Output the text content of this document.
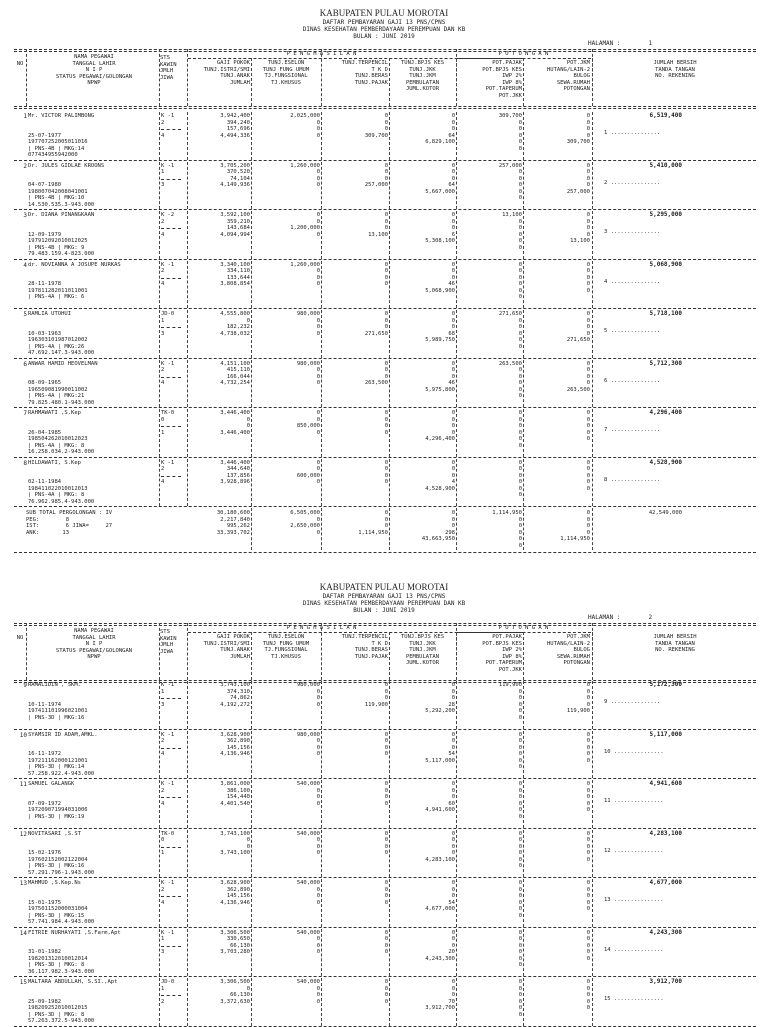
KABUPATEN PULAU MOROTAI
DAFTAR PEMBAYARAN GAJI 13 PNS/CPNS
DINAS KESEHATAN PEMBERDAYAAN PEREMPUAN DAN KB
BULAN : JUNI 2019
HALAMAN :	1
NO
NAMA PEGAWAI
TANGGAL LAHIR
N I P
STATUS PEGAWAI/GOLONGAN
NPWP
STS
KAWIN
JMLH
JIWA
P E N G H A S I L A N
GAJI POKOK
TUNJ.ISTRI/SMI
TUNJ.ANAK
JUMLAH
TUNJ.ESELON
TUNJ FUNG UMUM
TJ.FUNGSIONAL
TJ.KHUSUS
TUNJ.TERPENCIL
T K D
TUNJ.BERAS
TUNJ.PAJAK
TUNJ.BPJS KES
TUNJ.JKK
TUNJ.JKM
PEMBULATAN
JUML.KOTOR
P O T O N G A N
POT.PAJAK
POT.BPJS KES
IWP 2%
IWP 8%
POT.TAPERUM
POT.JKK
POT.JKM
HUTANG/LAIN-2
BULOG
SEWA.RUMAH
POTONGAN
JUMLAH BERSIH
TANDA TANGAN
NO. REKENING
1 Mr. VICTOR PALIMBONG

25-07-1977
197707252005011016
| PNS-4B | MKG:14
077434955942000
K -1
2

4
3,942,400
394,240
157,696
4,494,336
2,025,000
0
0
0
0
0
0
309,700
0
0
0
64
6,829,100
309,700
0
0
0
0
0
0
0
0
0
309,700
6,519,400
1 ...............
2 Dr. JULES GIDLAE KROONS

04-07-1980
198007042008041001
| PNS-4B | MKG:10
14.530.535.3-943.000
K -1
1

3
3,705,200
370,520
74,104
4,149,936
1,260,000
0
0
0
0
0
0
257,000
0
0
0
64
5,667,000
257,000
0
0
0
0
0
0
0
0
0
257,000
5,410,000
2 ...............
3 Dr. DIANA PINANGKAAN

12-09-1979
197912092010012025
| PNS-4B | MKG: 9
79.483.159.4-823.000
K -2
2

4
3,592,100
359,210
143,684
4,094,994
0
0
1,200,000
0
0
0
0
13,100
0
0
0
6
5,308,100
13,100
0
0
0
0
0
0
0
0
0
13,100
5,295,000
3 ...............
4 dr. NOVIANNA A JOSUPE NURKAS

28-11-1978
197811282011011001
| PNS-4A | MKG: 6
K -1
2

4
3,340,100
334,110
133,644
3,808,854
1,260,000
0
0
0
0
0
0
0
0
0
0
46
5,068,900
0
0
0
0
0
0
0
0
0
0
0
5,068,900
4 ...............
5 RAMLIA UTOHUI

10-03-1963
196303101987012002
| PNS-4A | MKG:26
47.692.147.3-943.000
JD-0
1

3
4,555,800
0
182,232
4,738,032
980,000
0
0
0
0
0
0
271,650
0
0
0
68
5,989,750
271,650
0
0
0
0
0
0
0
0
0
271,650
5,718,100
5 ...............
6 ANWAR HAMID HEOVELMAN

08-09-1965
196509081990011002
| PNS-4A | MKG:21
79.825.480.1-943.000
K -1
2

4
4,151,100
415,110
166,044
4,732,254
980,000
0
0
0
0
0
0
263,500
0
0
0
46
5,975,800
263,500
0
0
0
0
0
0
0
0
0
263,500
5,712,300
6 ...............
7 RAHMAWATI ,S.Kep

26-04-1985
198504262010012023
| PNS-4A | MKG: 8
16.258.034.2-943.000
TK-0
0

1
3,446,400
0
0
3,446,400
0
0
850,000
0
0
0
0
0
0
0
0
0
4,296,400
0
0
0
0
0
0
0
0
0
0
0
4,296,400
7 ...............
8 HILDAWATI, S.Kep

02-11-1984
198411022010012013
| PNS-4A | MKG: 8
76.962.985.4-943.000
K -1
2

4
3,446,400
344,640
137,856
3,928,896
0
0
600,000
0
0
0
0
0
0
0
0
4
4,528,900
0
0
0
0
0
0
0
0
0
0
0
4,528,900
8 ...............
SUB TOTAL PERGOLONGAN : IV
PEG:        8
IST:        6 JIWA=     27
ANK:       13
30,180,600
2,217,840
995,262
33,393,702
6,505,000
0
2,650,000
0
0
0
0
1,114,950
0
0
0
298
43,663,950
1,114,950
0
0
0
0
0
0
0
0
0
1,114,950
42,549,000
KABUPATEN PULAU MOROTAI
DAFTAR PEMBAYARAN GAJI 13 PNS/CPNS
DINAS KESEHATAN PEMBERDAYAAN PEREMPUAN DAN KB
BULAN : JUNI 2019
HALAMAN :	2
NO
NAMA PEGAWAI
TANGGAL LAHIR
N I P
STATUS PEGAWAI/GOLONGAN
NPWP
STS
KAWIN
JMLH
JIWA
P E N G H A S I L A N
GAJI POKOK
TUNJ.ISTRI/SMI
TUNJ.ANAK
JUMLAH
TUNJ.ESELON
TUNJ FUNG UMUM
TJ.FUNGSIONAL
TJ.KHUSUS
TUNJ.TERPENCIL
T K D
TUNJ.BERAS
TUNJ.PAJAK
TUNJ.BPJS KES
TUNJ.JKK
TUNJ.JKM
PEMBULATAN
JUML.KOTOR
P O T O N G A N
POT.PAJAK
POT.BPJS KES
IWP 2%
IWP 8%
POT.TAPERUM
POT.JKK
POT.JKM
HUTANG/LAIN-2
BULOG
SEWA.RUMAH
POTONGAN
JUMLAH BERSIH
TANDA TANGAN
NO. REKENING
9 RAMALIDIN , SKM.

10-11-1974
197411101996021001
| PNS-3D | MKG:16
K -1
1

3
3,743,100
374,310
74,862
4,192,272
980,000
0
0
0
0
0
0
119,900
0
0
0
28
5,292,200
119,900
0
0
0
0
0
0
0
0
0
119,900
5,172,300
9 ...............
10 SYAMSIR ID ADAM,AMKL.

16-11-1972
197211162000121001
| PNS-3D | MKG:14
57.258.922.4-943.000
K -1
2

4
3,628,900
362,890
145,156
4,136,946
980,000
0
0
0
0
0
0
0
0
0
0
54
5,117,000
0
0
0
0
0
0
0
0
0
0
0
5,117,000
10 ...............
11 SAMUEL GALANGK

07-09-1972
197209071994031006
| PNS-3D | MKG:19
K -1
2

4
3,861,000
386,100
154,440
4,401,540
540,000
0
0
0
0
0
0
0
0
0
0
60
4,941,600
0
0
0
0
0
0
0
0
0
0
0
4,941,600
11 ...............
12 NOVITASARI ,S.ST

15-02-1976
197602152002122004
| PNS-3D | MKG:16
57.291.796-1.943.000
TK-0
0

1
3,743,100
0
0
3,743,100
540,000
0
0
0
0
0
0
0
0
0
0
0
4,283,100
0
0
0
0
0
0
0
0
0
0
0
4,283,100
12 ...............
13 MAHMUD ,S.Kep.Ns

15-01-1975
197501152000031004
| PNS-3D | MKG:15
57.741.984.4-943.000
K -1
2

4
3,628,900
362,890
145,156
4,136,946
540,000
0
0
0
0
0
0
0
0
0
0
54
4,677,000
0
0
0
0
0
0
0
0
0
0
0
4,677,000
13 ...............
14 FITRIE NURHAYATI ,S.Farm,Apt

31-01-1982
198201312010012014
| PNS-3D | MKG: 8
36.117.982.3-943.000
K -1
1

3
3,306,500
330,650
66,130
3,703,280
540,000
0
0
0
0
0
0
0
0
0
0
20
4,243,300
0
0
0
0
0
0
0
0
0
0
0
4,243,300
14 ...............
15 MALTARA ABDULLAH, S.SI.,Apt

25-09-1982
198209252010012015
| PNS-3D | MKG: 8
57.263.372.5-943.000
JD-0
1

2
3,306,500
0
66,130
3,372,630
540,000
0
0
0
0
0
0
0
0
0
0
70
3,912,700
0
0
0
0
0
0
0
0
0
0
0
3,912,700
15 ...............
